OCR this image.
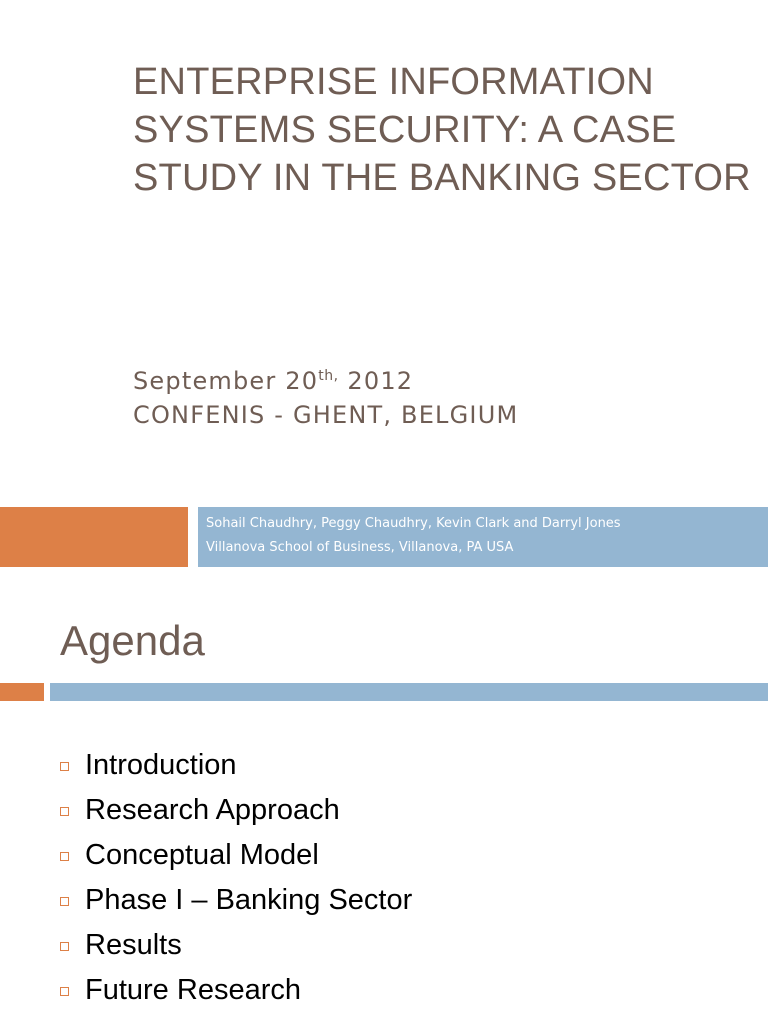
ENTERPRISE INFORMATION SYSTEMS SECURITY: A CASE STUDY IN THE BANKING SECTOR
September $20^{th,}$ 2012
CONFENIS - GHENT, BELGIUM
Sohail Chaudhry, Peggy Chaudhry, Kevin Clark and Darryl Jones
Villanova School of Business, Villanova, PA USA
Agenda
Introduction
Research Approach
Conceptual Model
Phase I – Banking Sector
Results
Future Research
